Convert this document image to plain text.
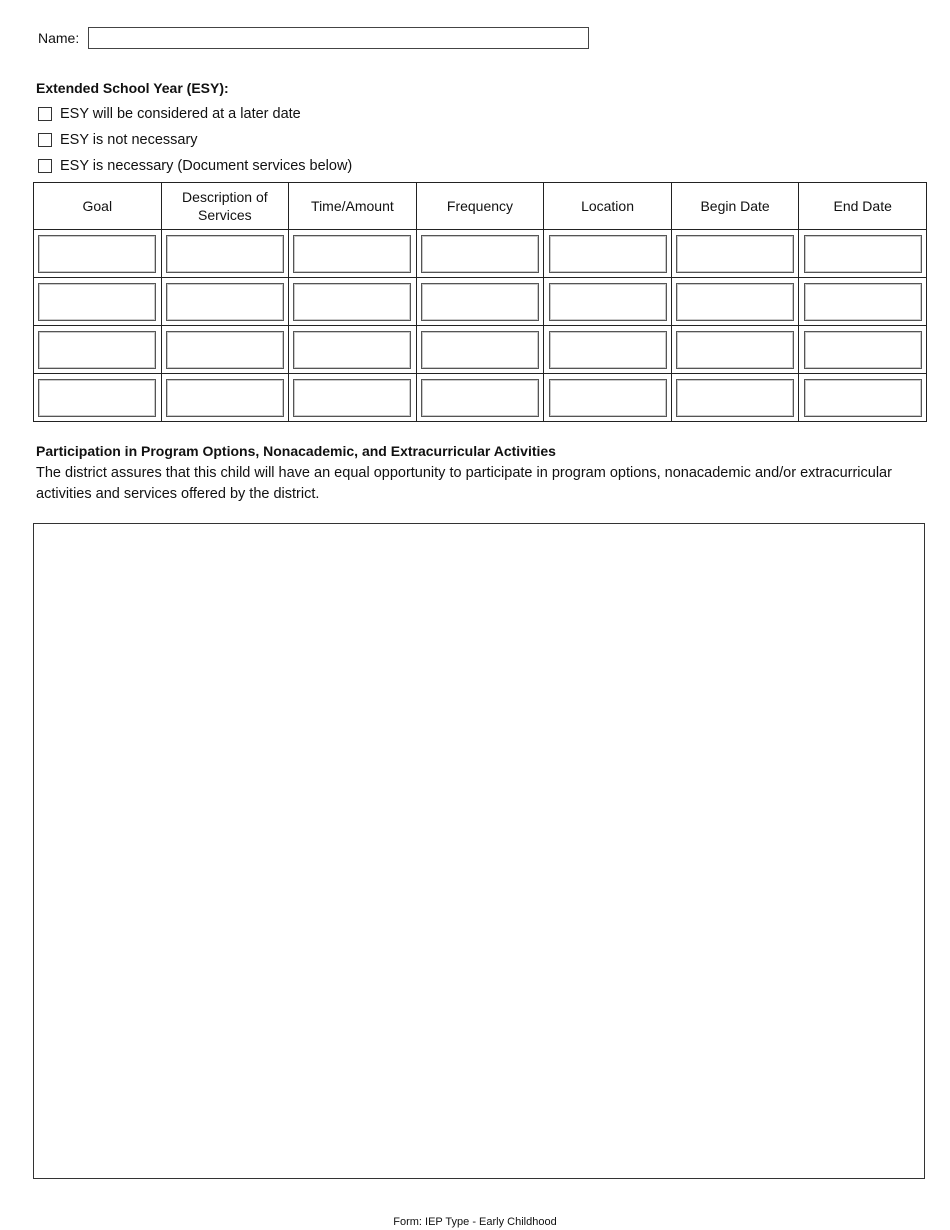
Name:
Extended School Year (ESY):
ESY will be considered at a later date
ESY is not necessary
ESY is necessary (Document services below)
Goal	Description of Services	Time/Amount	Frequency	Location	Begin Date	End Date

Participation in Program Options, Nonacademic, and Extracurricular Activities
The district assures that this child will have an equal opportunity to participate in program options, nonacademic and/or extracurricular activities and services offered by the district.
Form: IEP Type - Early Childhood
